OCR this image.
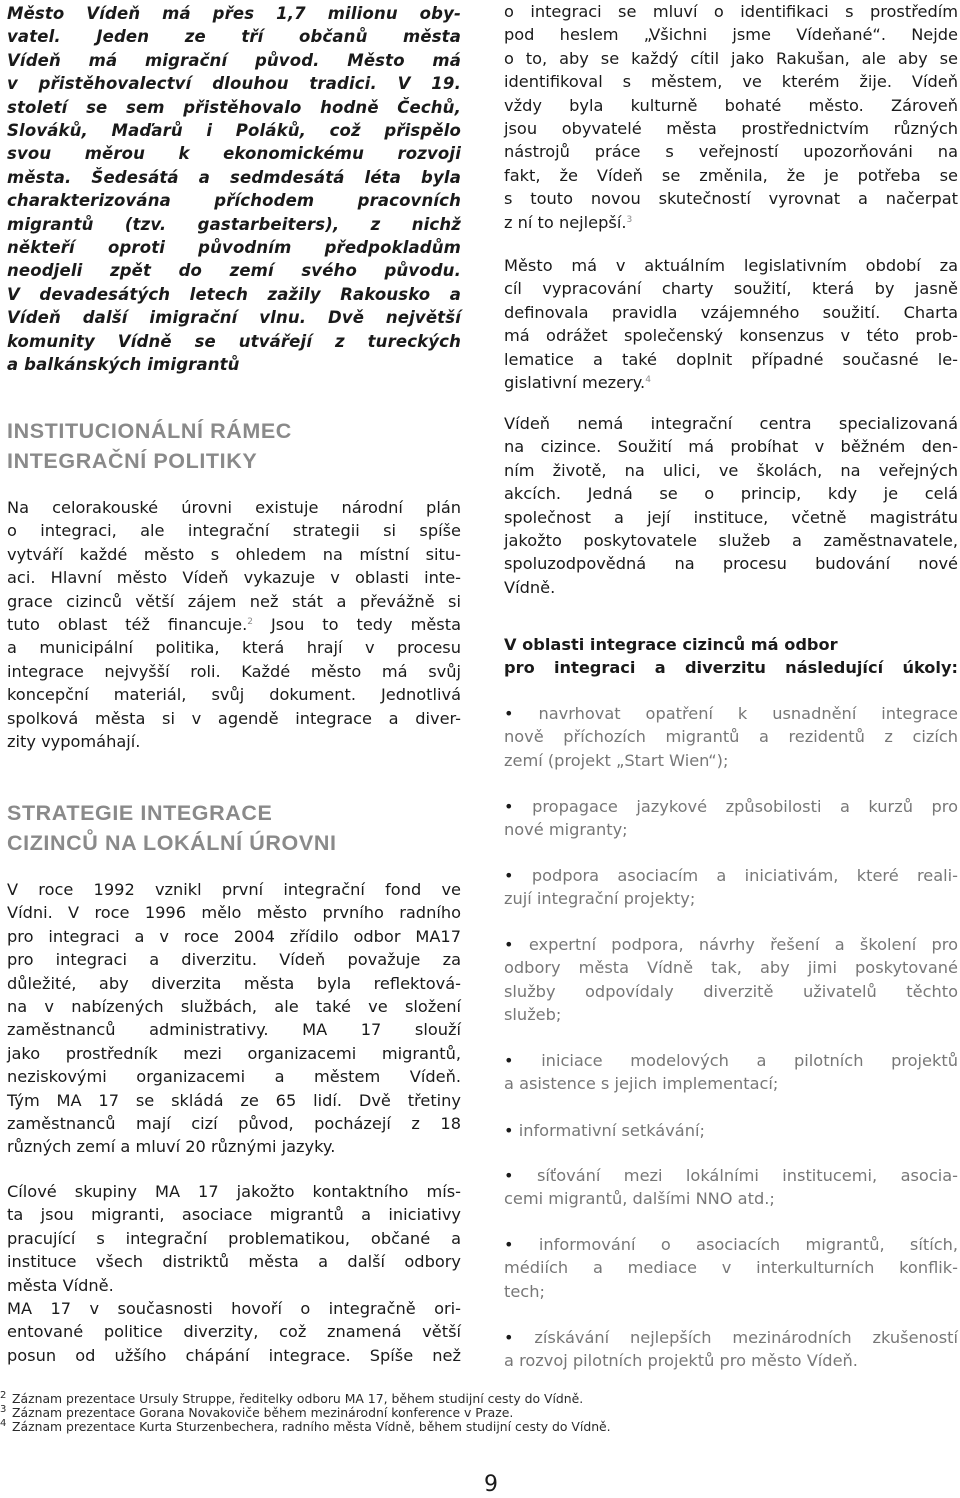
Město Vídeň má přes 1,7 milionu oby-
vatel. Jeden ze tří občanů města
Vídeň má migrační původ. Město má
v přistěhovalectví dlouhou tradici. V 19.
století se sem přistěhovalo hodně Čechů,
Slováků, Maďarů i Poláků, což přispělo
svou měrou k ekonomickému rozvoji
města. Šedesátá a sedmdesátá léta byla
charakterizována příchodem pracovních
migrantů (tzv. gastarbeiters), z nichž
někteří oproti původním předpokladům
neodjeli zpět do zemí svého původu.
V devadesátých letech zažily Rakousko a
Vídeň další imigrační vlnu. Dvě největší
komunity Vídně se utvářejí z tureckých
a balkánských imigrantů
INSTITUCIONÁLNÍ RÁMEC
INTEGRAČNÍ POLITIKY
Na celorakouské úrovni existuje národní plán
o integraci, ale integrační strategii si spíše
vytváří každé město s ohledem na místní situ-
aci. Hlavní město Vídeň vykazuje v oblasti inte-
grace cizinců větší zájem než stát a převážně si
tuto oblast též financuje.$^2$ Jsou to tedy města
a municipální politika, která hrají v procesu
integrace nejvyšší roli. Každé město má svůj
koncepční materiál, svůj dokument. Jednotlivá
spolková města si v agendě integrace a diver-
zity vypomáhají.
STRATEGIE INTEGRACE
CIZINCŮ NA LOKÁLNÍ ÚROVNI
V roce 1992 vznikl první integrační fond ve
Vídni. V roce 1996 mělo město prvního radního
pro integraci a v roce 2004 zřídilo odbor MA17
pro integraci a diverzitu. Vídeň považuje za
důležité, aby diverzita města byla reflektová-
na v nabízených službách, ale také ve složení
zaměstnanců administrativy. MA 17 slouží
jako prostředník mezi organizacemi migrantů,
neziskovými organizacemi a městem Vídeň.
Tým MA 17 se skládá ze 65 lidí. Dvě třetiny
zaměstnanců mají cizí původ, pocházejí z 18
různých zemí a mluví 20 různými jazyky.
Cílové skupiny MA 17 jakožto kontaktního mís-
ta jsou migranti, asociace migrantů a iniciativy
pracující s integrační problematikou, občané a
instituce všech distriktů města a další odbory
města Vídně.
MA 17 v současnosti hovoří o integračně ori-
entované politice diverzity, což znamená větší
posun od užšího chápání integrace. Spíše než
o integraci se mluví o identifikaci s prostředím
pod heslem „Všichni jsme Vídeňané“. Nejde
o to, aby se každý cítil jako Rakušan, ale aby se
identifikoval s městem, ve kterém žije. Vídeň
vždy byla kulturně bohaté město. Zároveň
jsou obyvatelé města prostřednictvím různých
nástrojů práce s veřejností upozorňováni na
fakt, že Vídeň se změnila, že je potřeba se
s touto novou skutečností vyrovnat a načerpat
z ní to nejlepší.$^3$
Město má v aktuálním legislativním období za
cíl vypracování charty soužití, která by jasně
definovala pravidla vzájemného soužití. Charta
má odrážet společenský konsenzus v této prob-
lematice a také doplnit případné současné le-
gislativní mezery.$^4$
Vídeň nemá integrační centra specializovaná
na cizince. Soužití má probíhat v běžném den-
ním životě, na ulici, ve školách, na veřejných
akcích. Jedná se o princip, kdy je celá
společnost a její instituce, včetně magistrátu
jakožto poskytovatele služeb a zaměstnavatele,
spoluzodpovědná na procesu budování nové
Vídně.
V oblasti integrace cizinců má odbor
pro integraci a diverzitu následující úkoly:
• navrhovat opatření k usnadnění integrace
nově příchozích migrantů a rezidentů z cizích
zemí (projekt „Start Wien“);
• propagace jazykové způsobilosti a kurzů pro
nové migranty;
• podpora asociacím a iniciativám, které reali-
zují integrační projekty;
• expertní podpora, návrhy řešení a školení pro
odbory města Vídně tak, aby jimi poskytované
služby odpovídaly diverzitě uživatelů těchto
služeb;
• iniciace modelových a pilotních projektů
a asistence s jejich implementací;
• informativní setkávání;
• síťování mezi lokálními institucemi, asocia-
cemi migrantů, dalšími NNO atd.;
• informování o asociacích migrantů, sítích,
médiích a mediace v interkulturních konflik-
tech;
• získávání nejlepších mezinárodních zkušeností
a rozvoj pilotních projektů pro město Vídeň.
2 Záznam prezentace Ursuly Struppe, ředitelky odboru MA 17, během studijní cesty do Vídně.
3 Záznam prezentace Gorana Novakoviče během mezinárodní konference v Praze.
4 Záznam prezentace Kurta Sturzenbechera, radního města Vídně, během studijní cesty do Vídně.
9
